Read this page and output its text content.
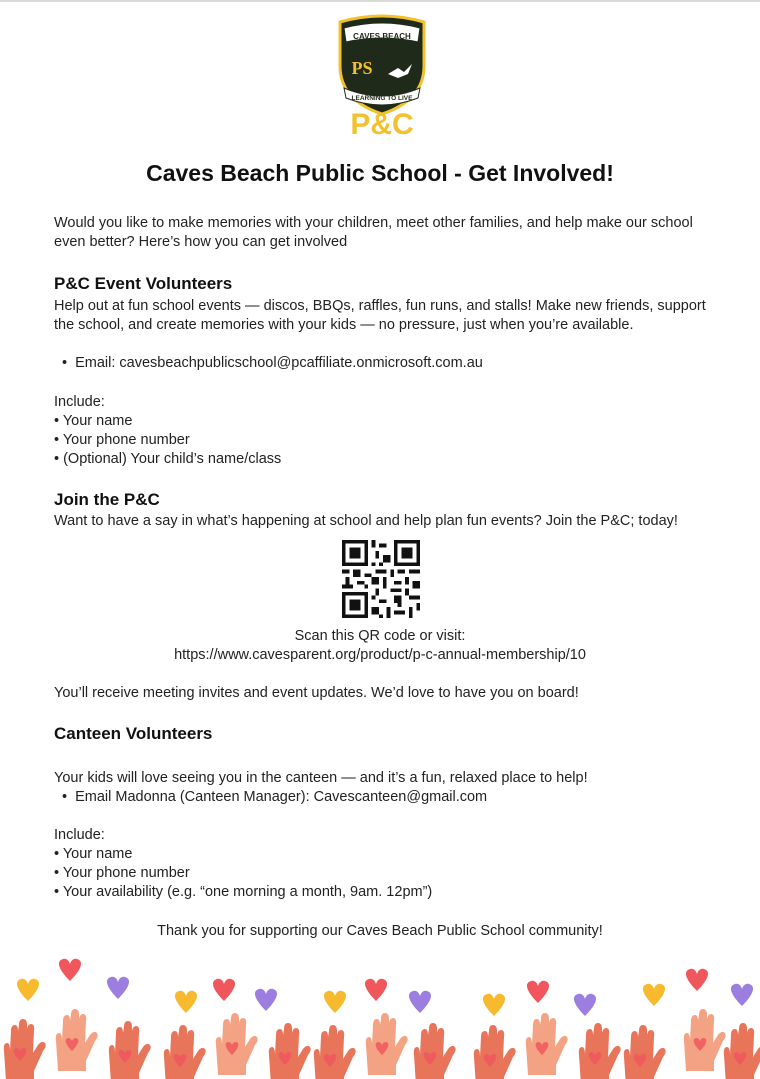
CAVES BEACH
PS
LEARNING TO LIVE
P&C
Caves Beach Public School - Get Involved!
Would you like to make memories with your children, meet other families, and help make our school even better? Here’s how you can get involved
P&C Event Volunteers
Help out at fun school events — discos, BBQs, raffles, fun runs, and stalls! Make new friends, support the school, and create memories with your kids — no pressure, just when you’re available.
• Email: cavesbeachpublicschool@pcaffiliate.onmicrosoft.com.au
Include:
• Your name
• Your phone number
• (Optional) Your child’s name/class
Join the P&C
Want to have a say in what’s happening at school and help plan fun events? Join the P&C; today!
Scan this QR code or visit:
https://www.cavesparent.org/product/p-c-annual-membership/10
You’ll receive meeting invites and event updates. We’d love to have you on board!
Canteen Volunteers
Your kids will love seeing you in the canteen — and it’s a fun, relaxed place to help!
• Email Madonna (Canteen Manager): Cavescanteen@gmail.com
Include:
• Your name
• Your phone number
• Your availability (e.g. “one morning a month, 9am. 12pm”)
Thank you for supporting our Caves Beach Public School community!
